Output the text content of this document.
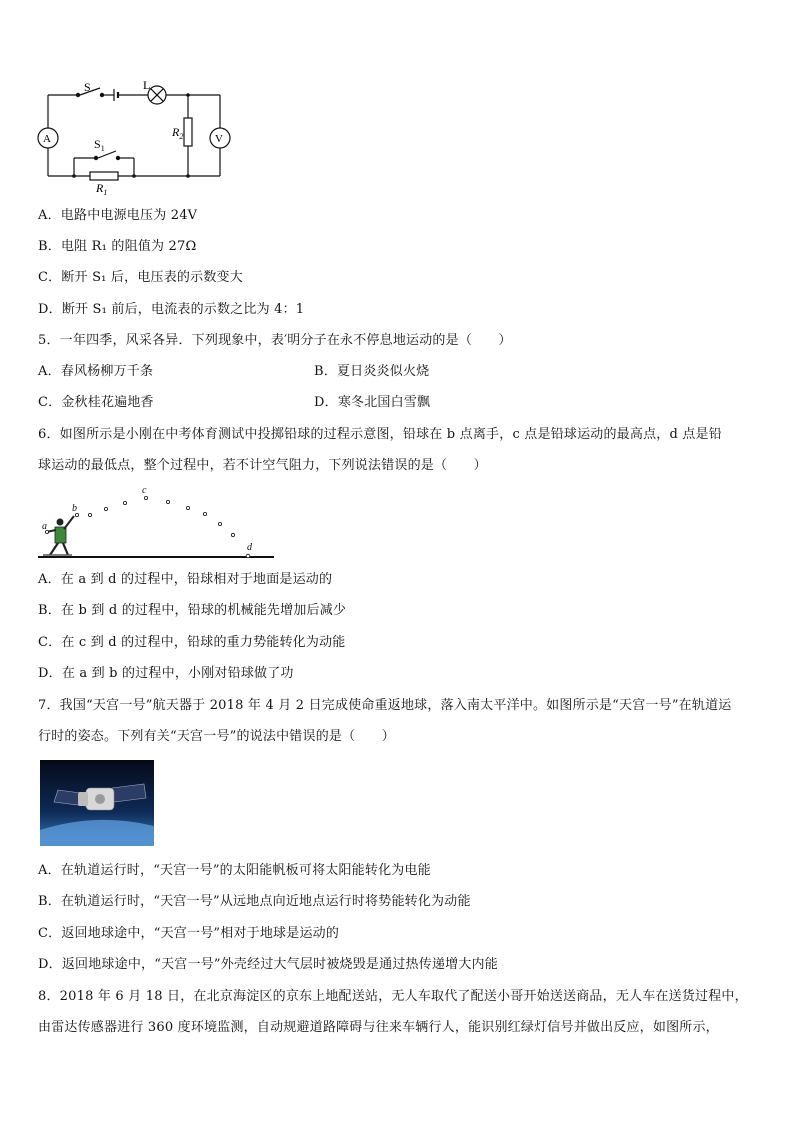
S	L
A	V
$R_2$
$S_1$
$R_1$
A．电路中电源电压为 24V
B．电阻 R₁ 的阻值为 27Ω
C．断开 S₁ 后，电压表的示数变大
D．断开 S₁ 前后，电流表的示数之比为 4：1
5．一年四季，风采各异．下列现象中，表′明分子在永不停息地运动的是（　　）
A．春风杨柳万千条	B．夏日炎炎似火烧
C．金秋桂花遍地香	D．寒冬北国白雪飘
6．如图所示是小刚在中考体育测试中投掷铅球的过程示意图，铅球在 b 点离手，c 点是铅球运动的最高点，d 点是铅
球运动的最低点，整个过程中，若不计空气阻力，下列说法错误的是（　　）
a
b
c
d
A．在 a 到 d 的过程中，铅球相对于地面是运动的
B．在 b 到 d 的过程中，铅球的机械能先增加后减少
C．在 c 到 d 的过程中，铅球的重力势能转化为动能
D．在 a 到 b 的过程中，小刚对铅球做了功
7．我国“天宫一号”航天器于 2018 年 4 月 2 日完成使命重返地球，落入南太平洋中。如图所示是“天宫一号”在轨道运
行时的姿态。下列有关“天宫一号”的说法中错误的是（　　）
A．在轨道运行时，“天宫一号”的太阳能帆板可将太阳能转化为电能
B．在轨道运行时，“天宫一号”从远地点向近地点运行时将势能转化为动能
C．返回地球途中，“天宫一号”相对于地球是运动的
D．返回地球途中，“天宫一号”外壳经过大气层时被烧毁是通过热传递增大内能
8．2018 年 6 月 18 日，在北京海淀区的京东上地配送站，无人车取代了配送小哥开始送送商品，无人车在送货过程中，
由雷达传感器进行 360 度环境监测，自动规避道路障碍与往来车辆行人，能识别红绿灯信号并做出反应，如图所示，
